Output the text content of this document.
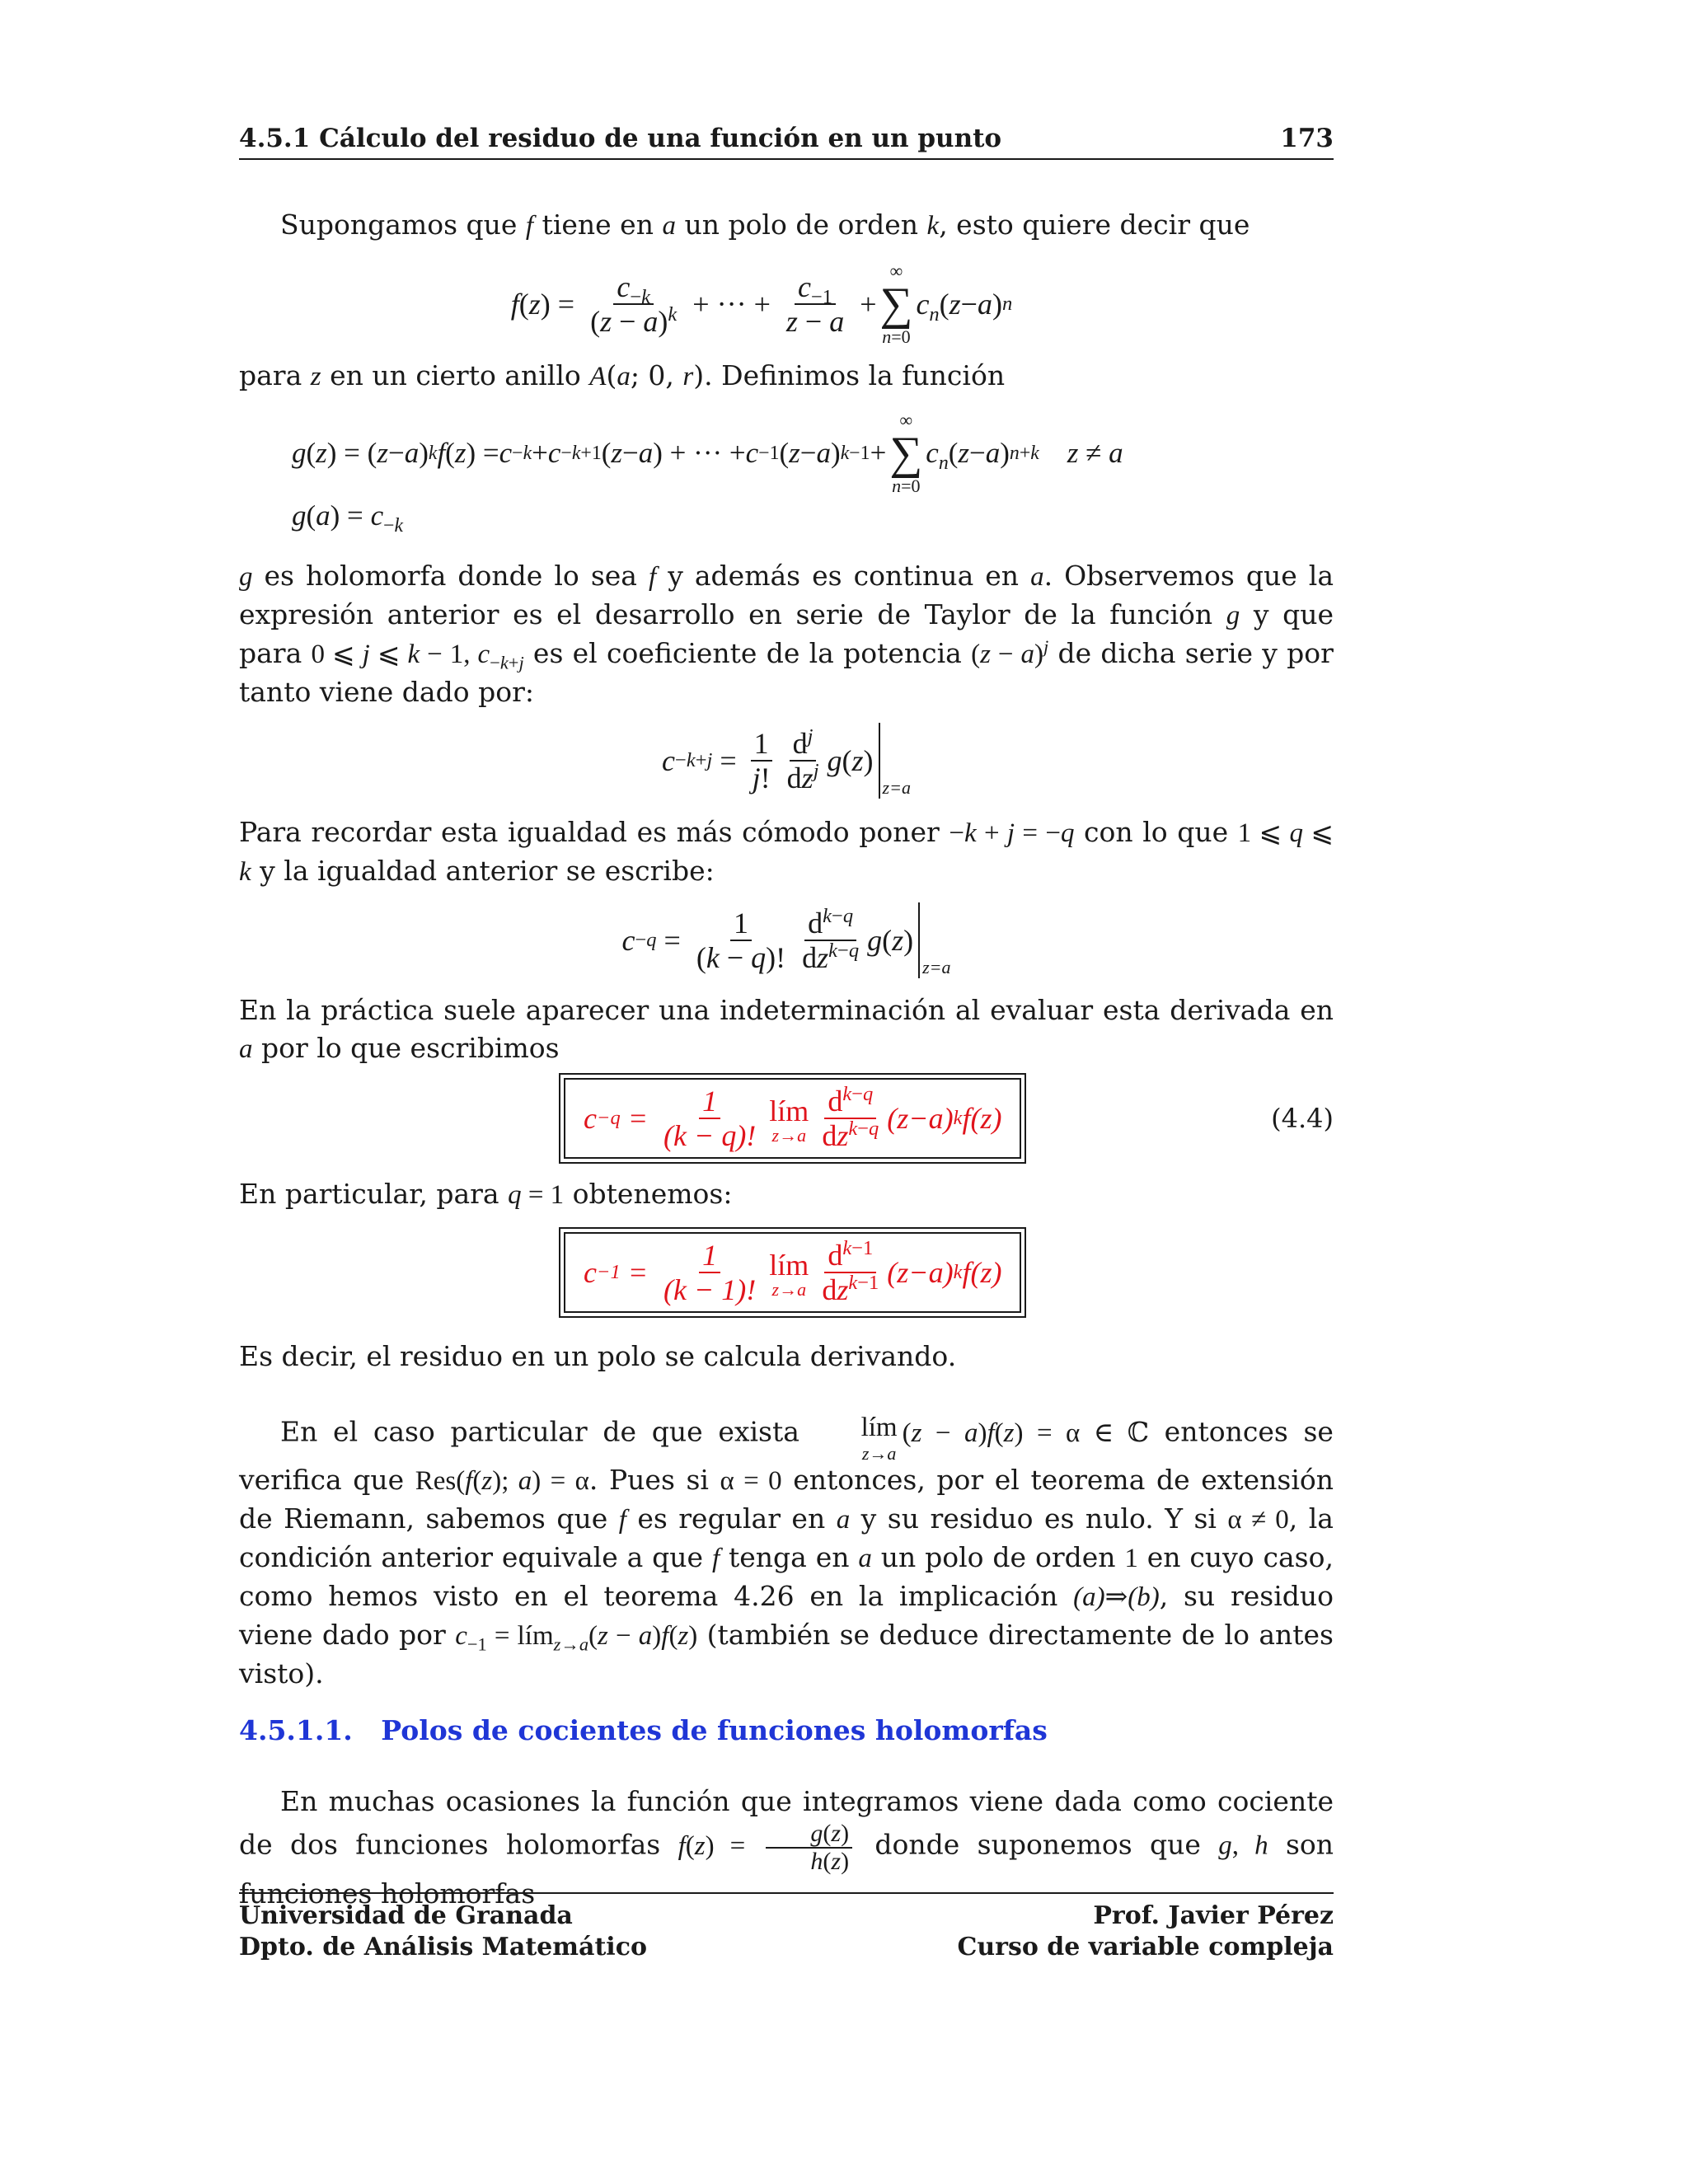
4.5.1 Cálculo del residuo de una función en un punto	173

Supongamos que f tiene en a un polo de orden k, esto quiere decir que

f ( z ) = $\frac{c_{-k}}{(z - a)^k}$ + ··· + $\frac{c_{-1}}{z - a}$ +
∞
∑
n=0
$c_n$ ( z − a ) n

para z en un cierto anillo A(a; 0, r). Definimos la función

g ( z ) = ( z − a ) k f ( z ) = c −k + c −k+1 ( z − a ) + ··· + c −1 ( z − a ) k−1 +
∞
∑
n=0
$c_n$ ( z − a ) n+k z ≠ a
$g(a) = c_{-k}$

g es holomorfa donde lo sea f y además es continua en a. Observemos que la expresión anterior es el desarrollo en serie de Taylor de la función g y que para 0 ⩽ j ⩽ k − 1, $c_{-k+j}$ es el coeficiente de la potencia $(z - a)^j$ de dicha serie y por tanto viene dado por:

$c -k+j = \frac{1}{j!} \frac{d^j}{dz^j}$ g ( z )
z=a

Para recordar esta igualdad es más cómodo poner −k + j = −q con lo que 1 ⩽ q ⩽ k y la igualdad anterior se escribe:

$c -q = \frac{1}{(k - q)!} \frac{d^{k-q}}{dz^{k-q}}$ g ( z )
z=a

En la práctica suele aparecer una indeterminación al evaluar esta derivada en a por lo que escribimos

$c -q = \frac{1}{(k - q)!}$ lím
$z\to a \frac{d^{k-q}}{dz^{k-q}}$ ( z − a ) k f ( z )	(4.4)

En particular, para q = 1 obtenemos:

$c -1 = \frac{1}{(k - 1)!}$ lím
$z\to a \frac{d^{k-1}}{dz^{k-1}}$ ( z − a ) k f ( z )

Es decir, el residuo en un polo se calcula derivando.

En el caso particular de que exista	lím
z→a
(z − a)f(z) = α ∈ ℂ entonces se verifica que Res(f(z); a) = α. Pues si α = 0 entonces, por el teorema de extensión de Riemann, sabemos que f es regular en a y su residuo es nulo. Y si α ≠ 0, la condición anterior equivale a que f tenga en a un polo de orden 1 en cuyo caso, como hemos visto en el teorema 4.26 en la implicación (a)⇒(b), su residuo viene dado por $c_{-1}$ = lím$_{z\to a}$(z − a)f(z) (también se deduce directamente de lo antes visto).

4.5.1.1. Polos de cocientes de funciones holomorfas

En muchas ocasiones la función que integramos viene dada como cociente de dos funciones holomorfas $f(z) = \frac{g(z)}{h(z)}$ donde suponemos que g, h son funciones holomorfas

Universidad de Granada
Dpto. de Análisis Matemático
Prof. Javier Pérez
Curso de variable compleja
